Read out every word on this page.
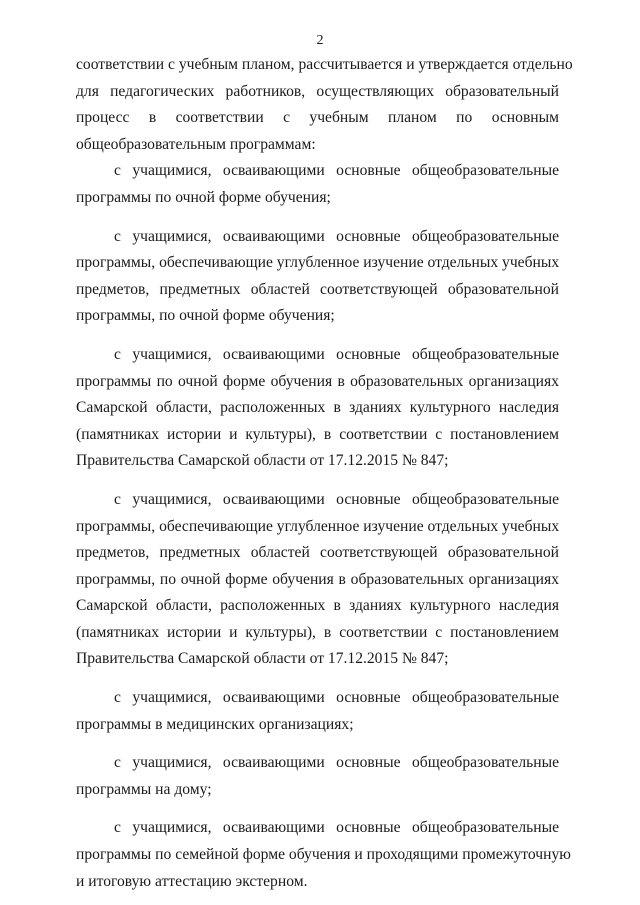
2

соответствии с учебным планом, рассчитывается и утверждается отдельно
для педагогических работников, осуществляющих образовательный
процесс в соответствии с учебным планом по основным
общеобразовательным программам:

с учащимися, осваивающими основные общеобразовательные
программы по очной форме обучения;

с учащимися, осваивающими основные общеобразовательные
программы, обеспечивающие углубленное изучение отдельных учебных
предметов, предметных областей соответствующей образовательной
программы, по очной форме обучения;

с учащимися, осваивающими основные общеобразовательные
программы по очной форме обучения в образовательных организациях
Самарской области, расположенных в зданиях культурного наследия
(памятниках истории и культуры), в соответствии с постановлением
Правительства Самарской области от 17.12.2015 № 847;

с учащимися, осваивающими основные общеобразовательные
программы, обеспечивающие углубленное изучение отдельных учебных
предметов, предметных областей соответствующей образовательной
программы, по очной форме обучения в образовательных организациях
Самарской области, расположенных в зданиях культурного наследия
(памятниках истории и культуры), в соответствии с постановлением
Правительства Самарской области от 17.12.2015 № 847;

с учащимися, осваивающими основные общеобразовательные
программы в медицинских организациях;

с учащимися, осваивающими основные общеобразовательные
программы на дому;

с учащимися, осваивающими основные общеобразовательные
программы по семейной форме обучения и проходящими промежуточную
и итоговую аттестацию экстерном.
